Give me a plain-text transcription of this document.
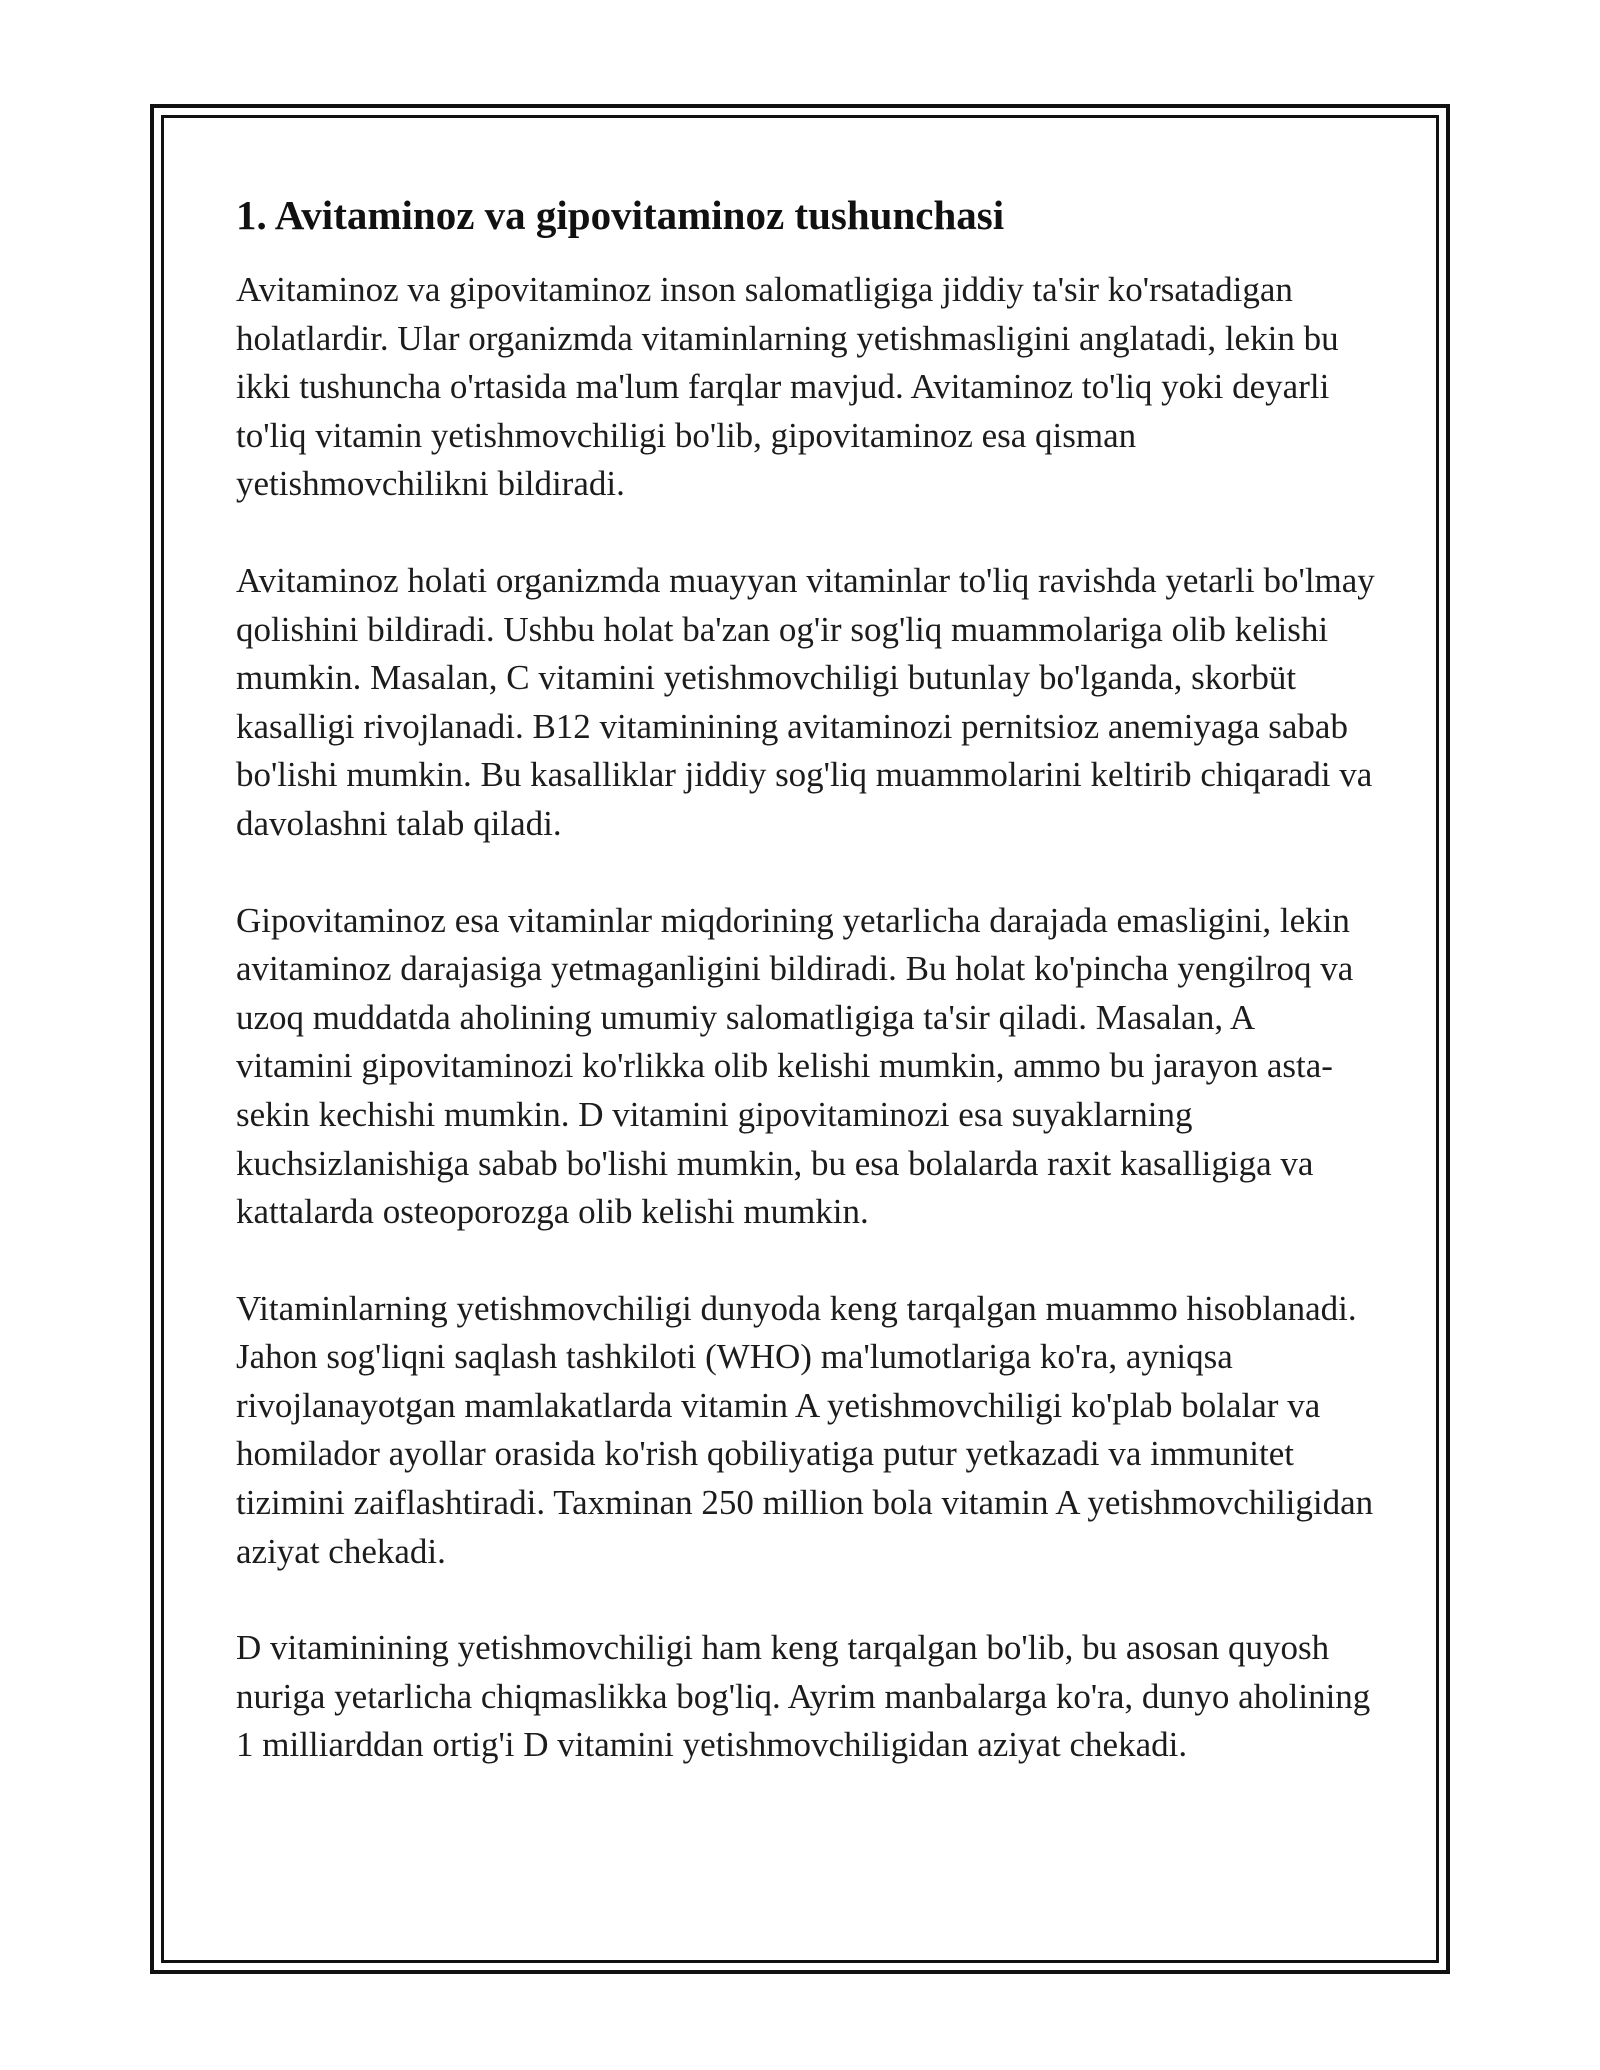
1. Avitaminoz va gipovitaminoz tushunchasi

Avitaminoz va gipovitaminoz inson salomatligiga jiddiy ta'sir ko'rsatadigan holatlardir. Ular organizmda vitaminlarning yetishmasligini anglatadi, lekin bu ikki tushuncha o'rtasida ma'lum farqlar mavjud. Avitaminoz to'liq yoki deyarli to'liq vitamin yetishmovchiligi bo'lib, gipovitaminoz esa qisman yetishmovchilikni bildiradi.

Avitaminoz holati organizmda muayyan vitaminlar to'liq ravishda yetarli bo'lmay qolishini bildiradi. Ushbu holat ba'zan og'ir sog'liq muammolariga olib kelishi mumkin. Masalan, C vitamini yetishmovchiligi butunlay bo'lganda, skorbüt kasalligi rivojlanadi. B12 vitaminining avitaminozi pernitsioz anemiyaga sabab bo'lishi mumkin. Bu kasalliklar jiddiy sog'liq muammolarini keltirib chiqaradi va davolashni talab qiladi.

Gipovitaminoz esa vitaminlar miqdorining yetarlicha darajada emasligini, lekin avitaminoz darajasiga yetmaganligini bildiradi. Bu holat ko'pincha yengilroq va uzoq muddatda aholining umumiy salomatligiga ta'sir qiladi. Masalan, A vitamini gipovitaminozi ko'rlikka olib kelishi mumkin, ammo bu jarayon asta-sekin kechishi mumkin. D vitamini gipovitaminozi esa suyaklarning kuchsizlanishiga sabab bo'lishi mumkin, bu esa bolalarda raxit kasalligiga va kattalarda osteoporozga olib kelishi mumkin.

Vitaminlarning yetishmovchiligi dunyoda keng tarqalgan muammo hisoblanadi. Jahon sog'liqni saqlash tashkiloti (WHO) ma'lumotlariga ko'ra, ayniqsa rivojlanayotgan mamlakatlarda vitamin A yetishmovchiligi ko'plab bolalar va homilador ayollar orasida ko'rish qobiliyatiga putur yetkazadi va immunitet tizimini zaiflashtiradi. Taxminan 250 million bola vitamin A yetishmovchiligidan aziyat chekadi.

D vitaminining yetishmovchiligi ham keng tarqalgan bo'lib, bu asosan quyosh nuriga yetarlicha chiqmaslikka bog'liq. Ayrim manbalarga ko'ra, dunyo aholining 1 milliarddan ortig'i D vitamini yetishmovchiligidan aziyat chekadi.
